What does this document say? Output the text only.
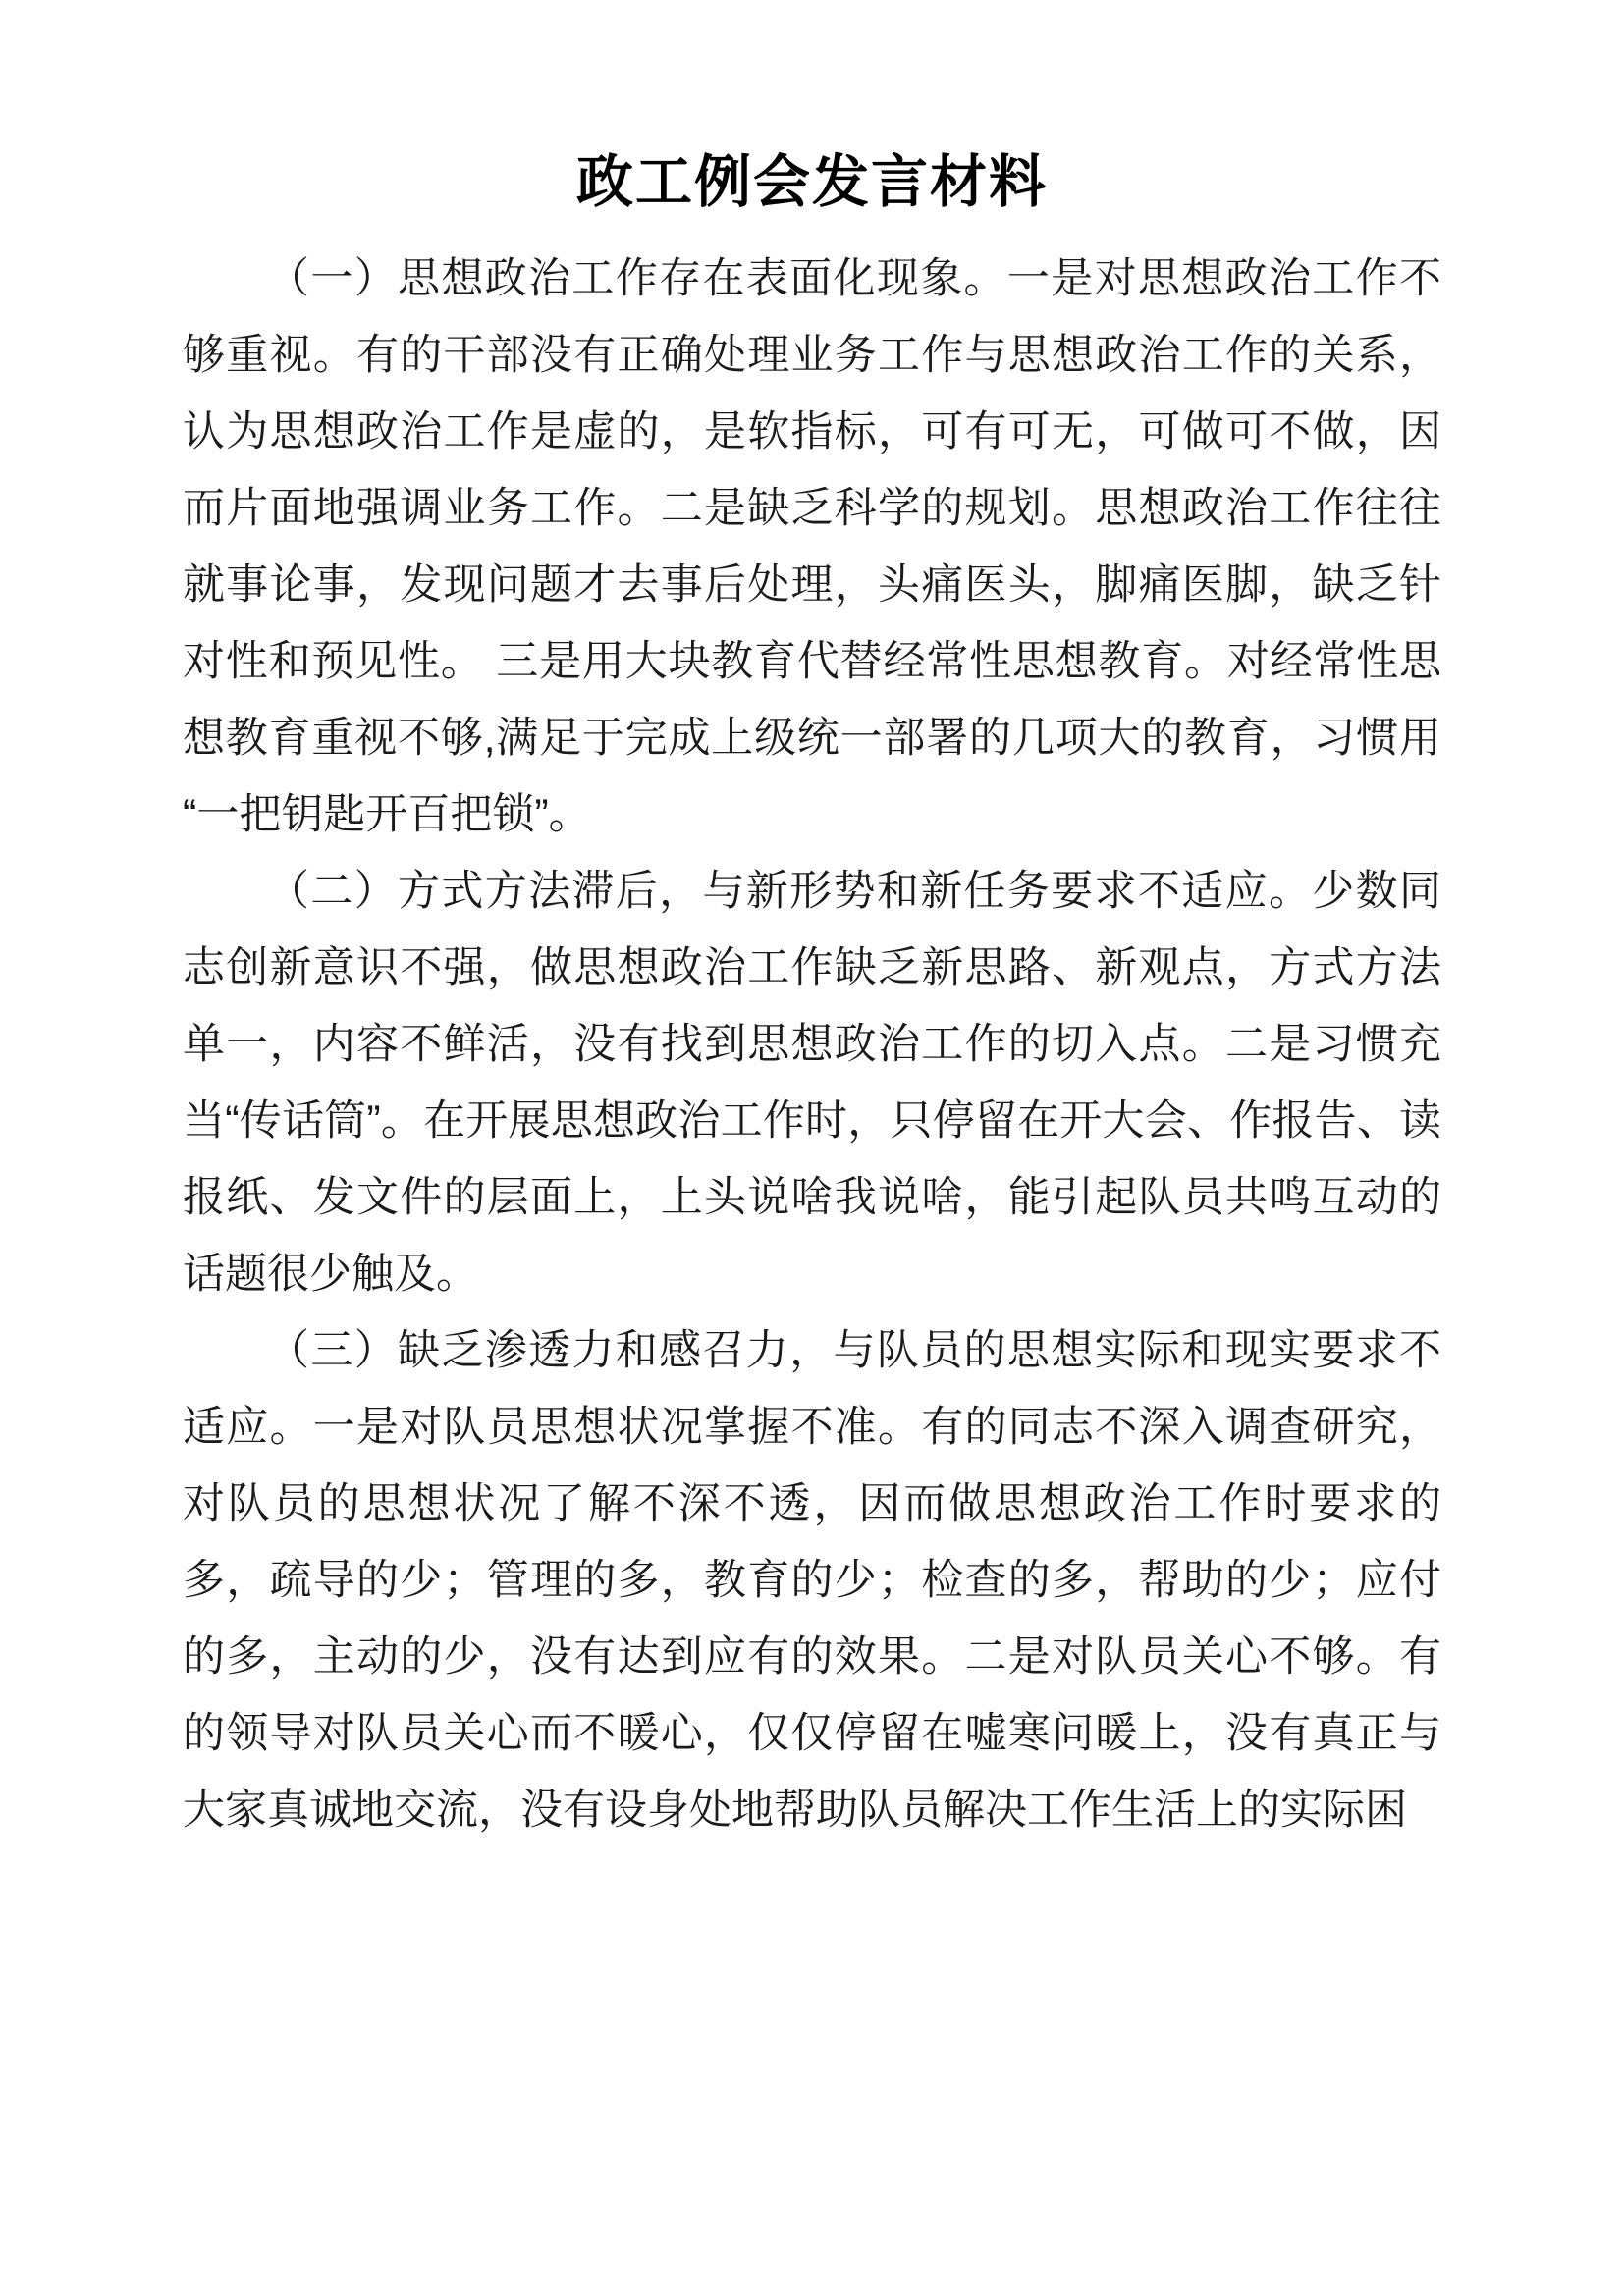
政工例会发言材料

（一）思想政治工作存在表面化现象。一是对思想政治工作不够重视。有的干部没有正确处理业务工作与思想政治工作的关系，认为思想政治工作是虚的，是软指标，可有可无，可做可不做，因而片面地强调业务工作。二是缺乏科学的规划。思想政治工作往往就事论事，发现问题才去事后处理，头痛医头，脚痛医脚，缺乏针对性和预见性。 三是用大块教育代替经常性思想教育。对经常性思想教育重视不够,满足于完成上级统一部署的几项大的教育，习惯用“一把钥匙开百把锁”。

（二）方式方法滞后，与新形势和新任务要求不适应。少数同志创新意识不强，做思想政治工作缺乏新思路、新观点，方式方法单一，内容不鲜活，没有找到思想政治工作的切入点。二是习惯充当“传话筒”。在开展思想政治工作时，只停留在开大会、作报告、读报纸、发文件的层面上，上头说啥我说啥，能引起队员共鸣互动的话题很少触及。

（三）缺乏渗透力和感召力，与队员的思想实际和现实要求不适应。一是对队员思想状况掌握不准。有的同志不深入调查研究，对队员的思想状况了解不深不透，因而做思想政治工作时要求的多，疏导的少；管理的多，教育的少；检查的多，帮助的少；应付的多，主动的少，没有达到应有的效果。二是对队员关心不够。有的领导对队员关心而不暖心，仅仅停留在嘘寒问暖上，没有真正与大家真诚地交流，没有设身处地帮助队员解决工作生活上的实际困
